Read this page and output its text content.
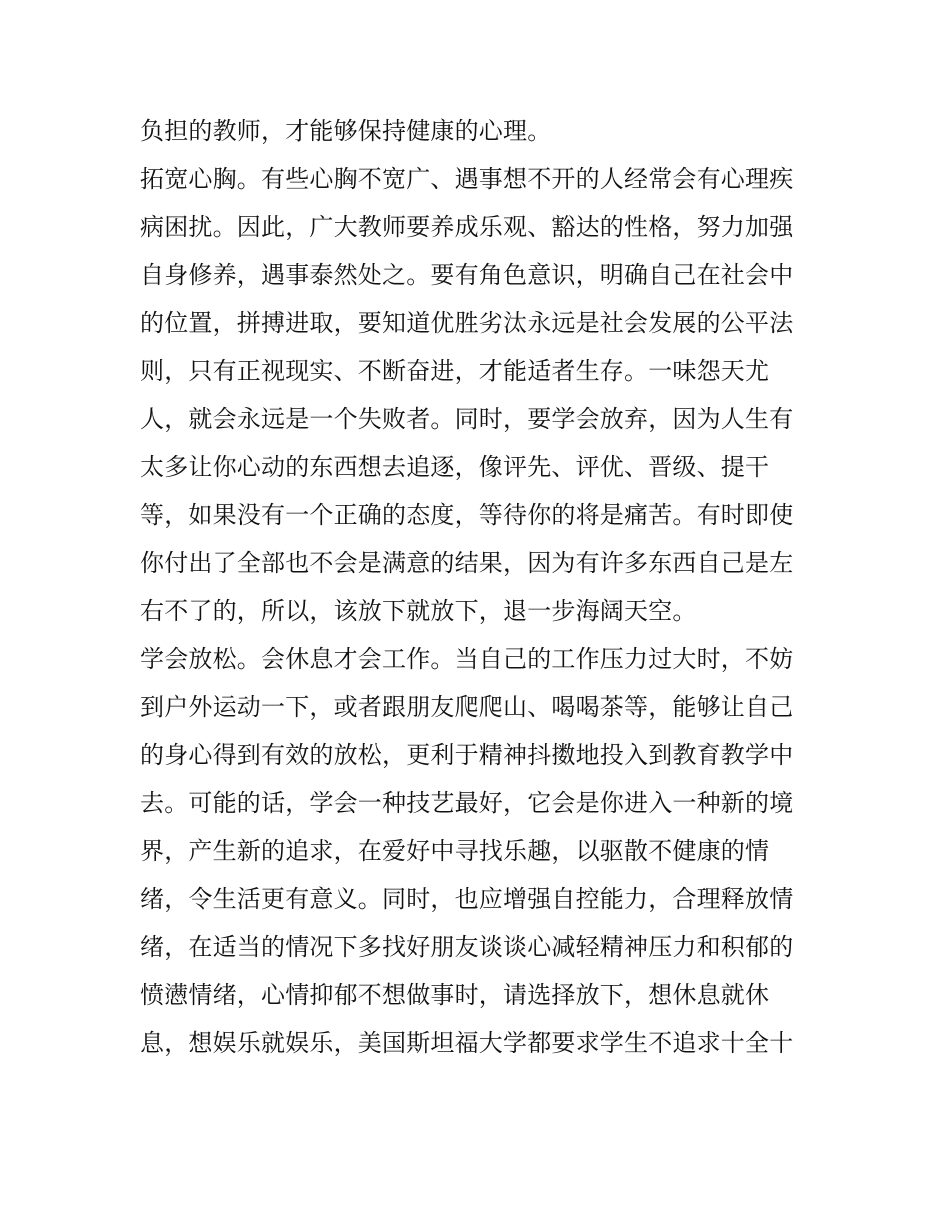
负担的教师，才能够保持健康的心理。
拓宽心胸。有些心胸不宽广、遇事想不开的人经常会有心理疾
病困扰。因此，广大教师要养成乐观、豁达的性格，努力加强
自身修养，遇事泰然处之。要有角色意识，明确自己在社会中
的位置，拼搏进取，要知道优胜劣汰永远是社会发展的公平法
则，只有正视现实、不断奋进，才能适者生存。一味怨天尤
人，就会永远是一个失败者。同时，要学会放弃，因为人生有
太多让你心动的东西想去追逐，像评先、评优、晋级、提干
等，如果没有一个正确的态度，等待你的将是痛苦。有时即使
你付出了全部也不会是满意的结果，因为有许多东西自己是左
右不了的，所以，该放下就放下，退一步海阔天空。
学会放松。会休息才会工作。当自己的工作压力过大时，不妨
到户外运动一下，或者跟朋友爬爬山、喝喝茶等，能够让自己
的身心得到有效的放松，更利于精神抖擞地投入到教育教学中
去。可能的话，学会一种技艺最好，它会是你进入一种新的境
界，产生新的追求，在爱好中寻找乐趣，以驱散不健康的情
绪，令生活更有意义。同时，也应增强自控能力，合理释放情
绪，在适当的情况下多找好朋友谈谈心减轻精神压力和积郁的
愤懑情绪，心情抑郁不想做事时，请选择放下，想休息就休
息，想娱乐就娱乐，美国斯坦福大学都要求学生不追求十全十
